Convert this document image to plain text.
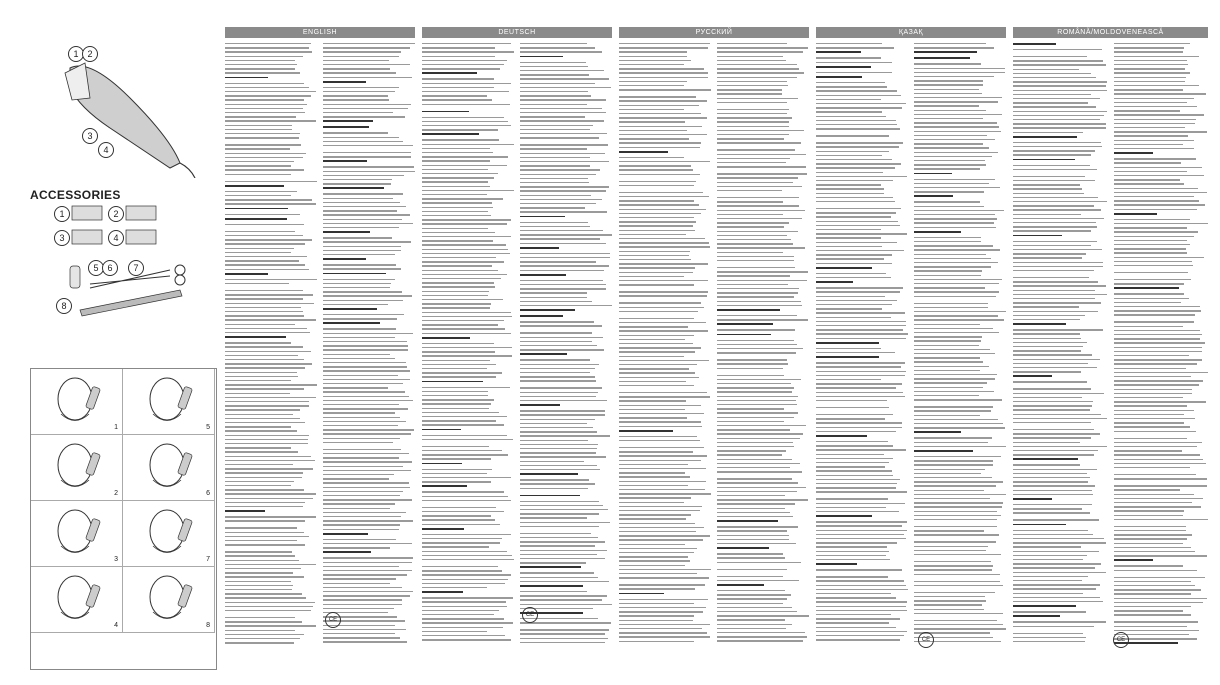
1 2
3
4
ACCESSORIES
1	2
3	4
5 6	7
8
1	5
2	6
3	7
4	8
ENGLISH
CE
DEUTSCH
CE
РУССКИЙ	ҚАЗАҚ
CE
ROMÂNĂ/MOLDOVENEASCĂ
CE
